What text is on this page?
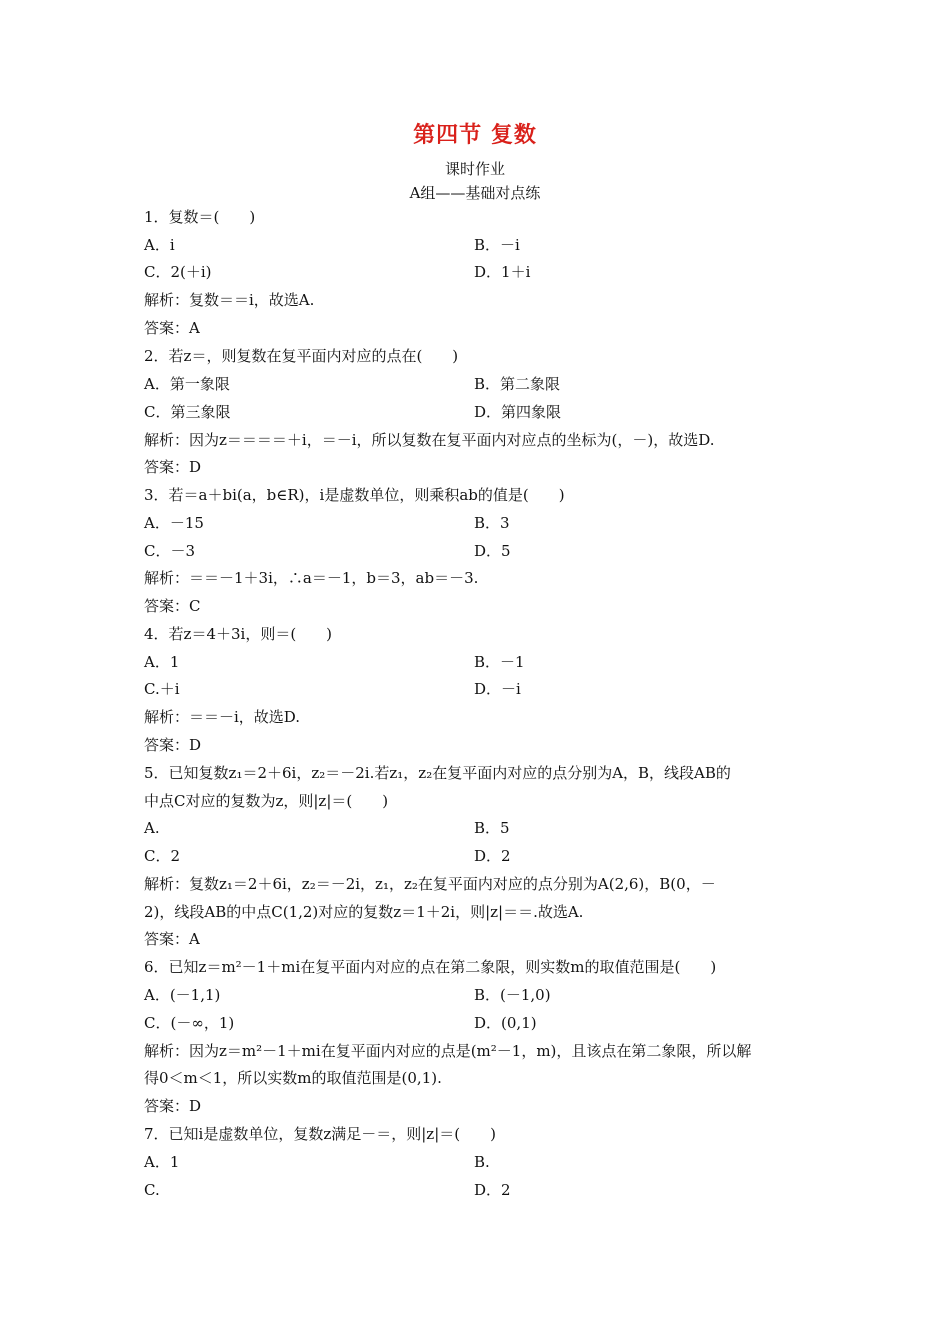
第四节 复数
课时作业
A组——基础对点练
1．复数＝(　　)
A．i	B．－i
C．2(＋i)	D．1＋i
解析：复数＝＝i，故选A.
答案：A
2．若z＝，则复数在复平面内对应的点在(　　)
A．第一象限	B．第二象限
C．第三象限	D．第四象限
解析：因为z＝＝＝＝＋i，＝－i，所以复数在复平面内对应点的坐标为(，－)，故选D.
答案：D
3．若＝a＋bi(a，b∈R)，i是虚数单位，则乘积ab的值是(　　)
A．－15	B．3
C．－3	D．5
解析：＝＝－1＋3i，∴a＝－1，b＝3，ab＝－3.
答案：C
4．若z＝4＋3i，则＝(　　)
A．1	B．－1
C.＋i	D．－i
解析：＝＝－i，故选D.
答案：D
5．已知复数z₁＝2＋6i，z₂＝－2i.若z₁，z₂在复平面内对应的点分别为A，B，线段AB的
中点C对应的复数为z，则|z|＝(　　)
A.	B．5
C．2	D．2
解析：复数z₁＝2＋6i，z₂＝－2i，z₁，z₂在复平面内对应的点分别为A(2,6)，B(0，－
2)，线段AB的中点C(1,2)对应的复数z＝1＋2i，则|z|＝＝.故选A.
答案：A
6．已知z＝m²－1＋mi在复平面内对应的点在第二象限，则实数m的取值范围是(　　)
A．(－1,1)	B．(－1,0)
C．(－∞，1)	D．(0,1)
解析：因为z＝m²－1＋mi在复平面内对应的点是(m²－1，m)，且该点在第二象限，所以解
得0＜m＜1，所以实数m的取值范围是(0,1).
答案：D
7．已知i是虚数单位，复数z满足－＝，则|z|＝(　　)
A．1	B.
C.	D．2
